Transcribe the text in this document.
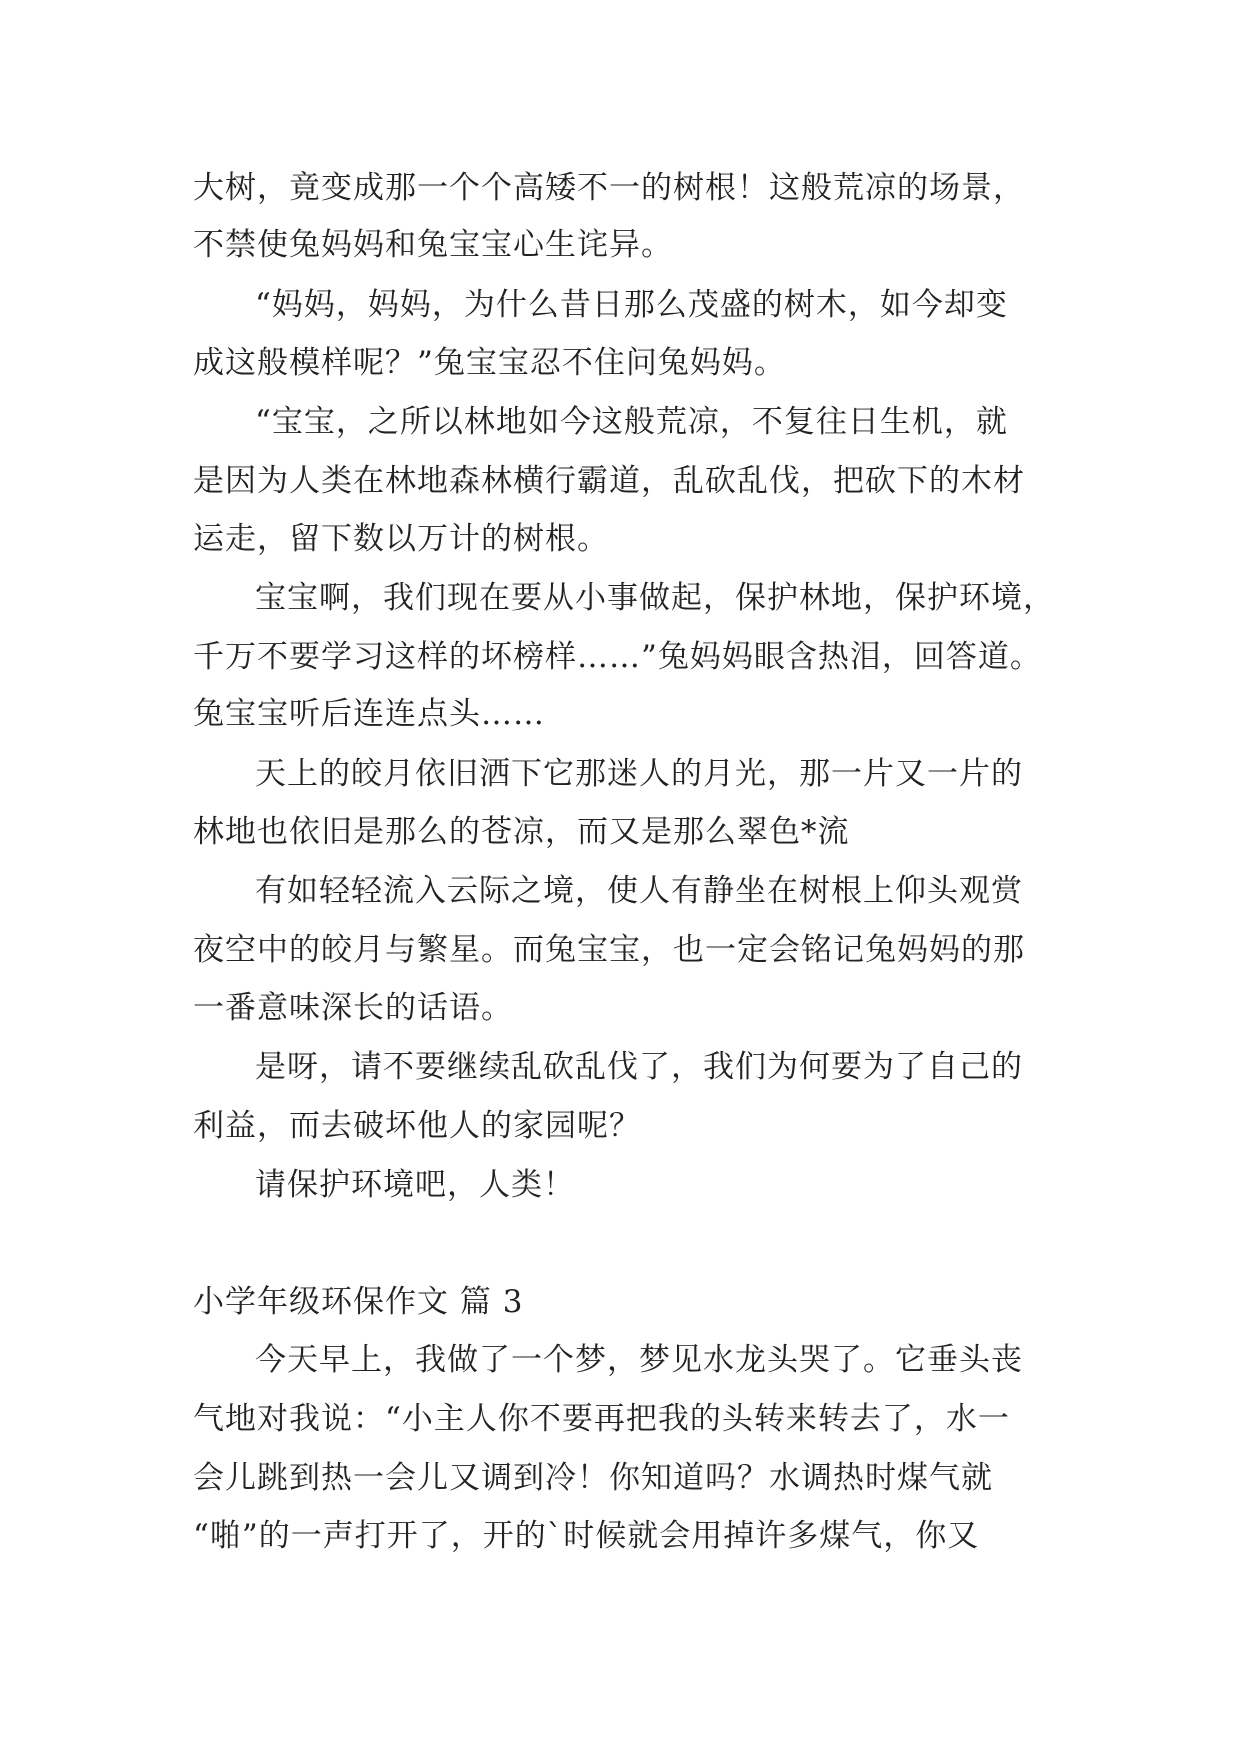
大树，竟变成那一个个高矮不一的树根！这般荒凉的场景，
不禁使兔妈妈和兔宝宝心生诧异。
“妈妈，妈妈，为什么昔日那么茂盛的树木，如今却变
成这般模样呢？”兔宝宝忍不住问兔妈妈。
“宝宝，之所以林地如今这般荒凉，不复往日生机，就
是因为人类在林地森林横行霸道，乱砍乱伐，把砍下的木材
运走，留下数以万计的树根。
宝宝啊，我们现在要从小事做起，保护林地，保护环境，
千万不要学习这样的坏榜样……”兔妈妈眼含热泪，回答道。
兔宝宝听后连连点头……
天上的皎月依旧洒下它那迷人的月光，那一片又一片的
林地也依旧是那么的苍凉，而又是那么翠色*流
有如轻轻流入云际之境，使人有静坐在树根上仰头观赏
夜空中的皎月与繁星。而兔宝宝，也一定会铭记兔妈妈的那
一番意味深长的话语。
是呀，请不要继续乱砍乱伐了，我们为何要为了自己的
利益，而去破坏他人的家园呢？
请保护环境吧，人类！
小学年级环保作文 篇 3
今天早上，我做了一个梦，梦见水龙头哭了。它垂头丧
气地对我说：“小主人你不要再把我的头转来转去了，水一
会儿跳到热一会儿又调到冷！你知道吗？水调热时煤气就
“啪”的一声打开了，开的`时候就会用掉许多煤气，你又
